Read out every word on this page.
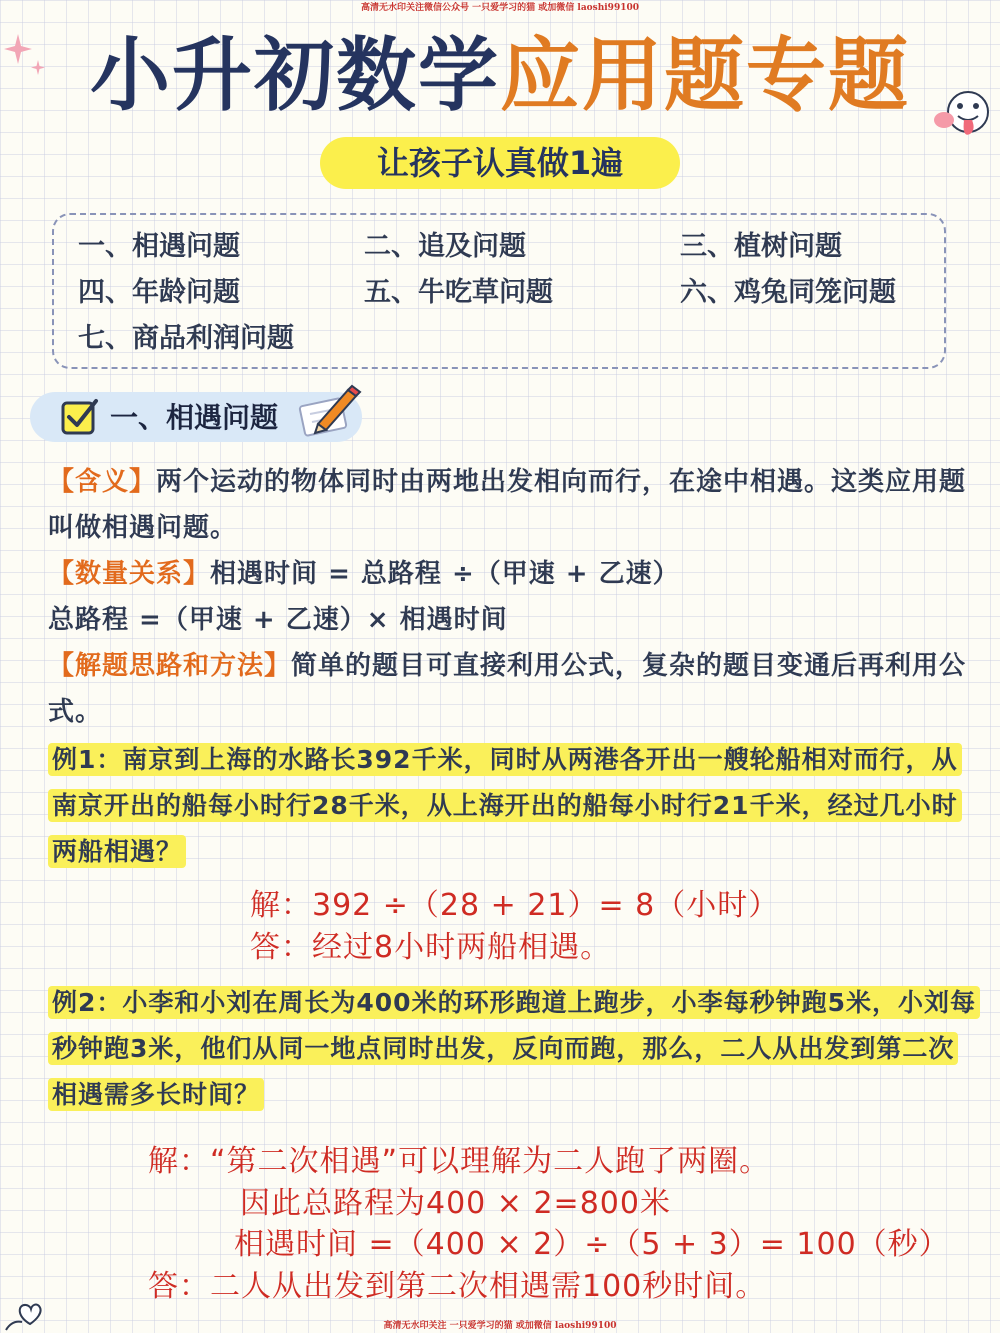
高清无水印关注微信公众号 一只爱学习的猫 或加微信 laoshi99100
小升初数学应用题专题
让孩子认真做1遍
一、相遇问题	二、追及问题	三、植树问题
四、年龄问题	五、牛吃草问题	六、鸡兔同笼问题
七、商品利润问题
一、相遇问题
【含义】两个运动的物体同时由两地出发相向而行，在途中相遇。这类应用题叫做相遇问题。
【数量关系】相遇时间 = 总路程 ÷（甲速 + 乙速）
总路程 =（甲速 + 乙速）× 相遇时间
【解题思路和方法】简单的题目可直接利用公式，复杂的题目变通后再利用公式。
例1：南京到上海的水路长392千米，同时从两港各开出一艘轮船相对而行，从南京开出的船每小时行28千米，从上海开出的船每小时行21千米，经过几小时两船相遇？
解：392 ÷（28 + 21）= 8（小时）
答：经过8小时两船相遇。
例2：小李和小刘在周长为400米的环形跑道上跑步，小李每秒钟跑5米，小刘每秒钟跑3米，他们从同一地点同时出发，反向而跑，那么，二人从出发到第二次相遇需多长时间？
解：“第二次相遇”可以理解为二人跑了两圈。
因此总路程为400 × 2=800米
相遇时间 =（400 × 2）÷（5 + 3）= 100（秒）
答：二人从出发到第二次相遇需100秒时间。
高清无水印关注 一只爱学习的猫 或加微信 laoshi99100
